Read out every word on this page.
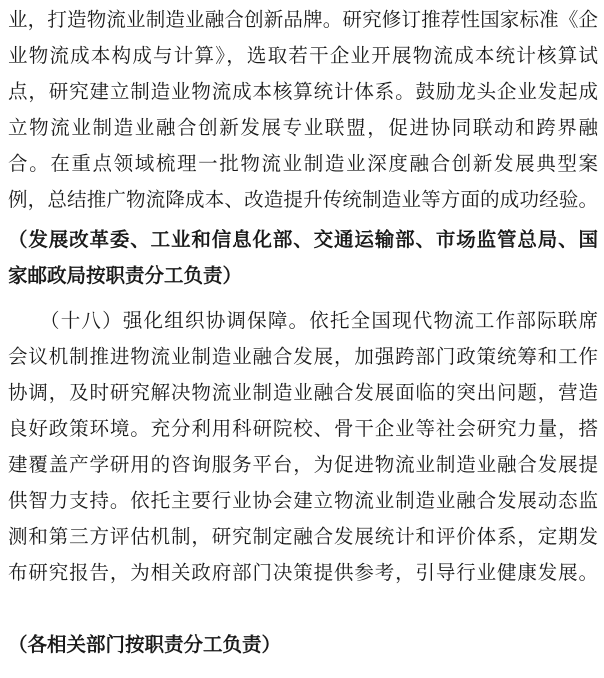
业，打造物流业制造业融合创新品牌。研究修订推荐性国家标准《企
业物流成本构成与计算》，选取若干企业开展物流成本统计核算试
点，研究建立制造业物流成本核算统计体系。鼓励龙头企业发起成
立物流业制造业融合创新发展专业联盟，促进协同联动和跨界融
合。在重点领域梳理一批物流业制造业深度融合创新发展典型案
例，总结推广物流降成本、改造提升传统制造业等方面的成功经验。
（发展改革委、工业和信息化部、交通运输部、市场监管总局、国
家邮政局按职责分工负责）
（十八）强化组织协调保障。依托全国现代物流工作部际联席
会议机制推进物流业制造业融合发展，加强跨部门政策统筹和工作
协调，及时研究解决物流业制造业融合发展面临的突出问题，营造
良好政策环境。充分利用科研院校、骨干企业等社会研究力量，搭
建覆盖产学研用的咨询服务平台，为促进物流业制造业融合发展提
供智力支持。依托主要行业协会建立物流业制造业融合发展动态监
测和第三方评估机制，研究制定融合发展统计和评价体系，定期发
布研究报告，为相关政府部门决策提供参考，引导行业健康发展。
（各相关部门按职责分工负责）
